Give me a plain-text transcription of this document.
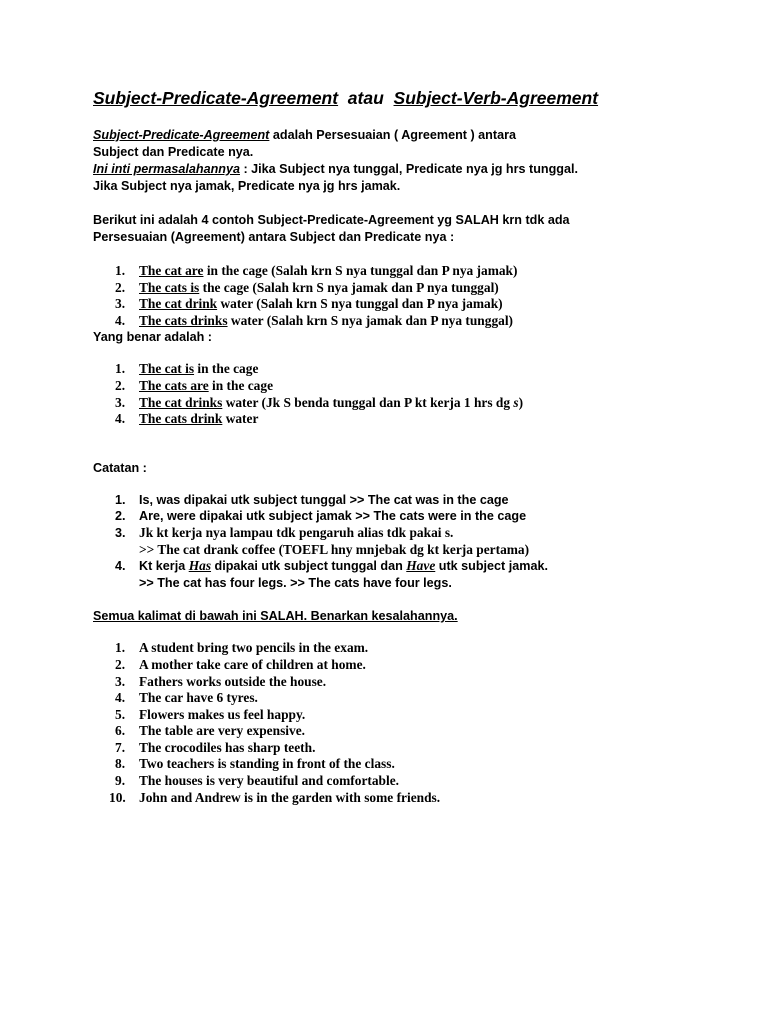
Subject-Predicate-Agreement  atau  Subject-Verb-Agreement

Subject-Predicate-Agreement adalah Persesuaian ( Agreement ) antara

Subject dan Predicate nya.

Ini inti permasalahannya : Jika Subject nya tunggal, Predicate nya jg hrs tunggal.

Jika Subject nya jamak, Predicate nya jg hrs jamak.

Berikut ini adalah 4 contoh Subject-Predicate-Agreement yg SALAH krn tdk ada

Persesuaian (Agreement) antara Subject dan Predicate nya :

1. The cat are in the cage (Salah krn S nya tunggal dan P nya jamak)
2. The cats is the cage (Salah krn S nya jamak dan P nya tunggal)
3. The cat drink water (Salah krn S nya tunggal dan P nya jamak)
4. The cats drinks water (Salah krn S nya jamak dan P nya tunggal)

Yang benar adalah :

1. The cat is in the cage
2. The cats are in the cage
3. The cat drinks water (Jk S benda tunggal dan P kt kerja 1 hrs dg s)
4. The cats drink water

Catatan :

1. Is, was dipakai utk subject tunggal >> The cat was in the cage
2. Are, were dipakai utk subject jamak >> The cats were in the cage
3. Jk kt kerja nya lampau tdk pengaruh alias tdk pakai s.
>> The cat drank coffee (TOEFL hny mnjebak dg kt kerja pertama)
4. Kt kerja Has dipakai utk subject tunggal dan Have utk subject jamak.
>> The cat has four legs. >> The cats have four legs.

Semua kalimat di bawah ini SALAH. Benarkan kesalahannya.

1. A student bring two pencils in the exam.
2. A mother take care of children at home.
3. Fathers works outside the house.
4. The car have 6 tyres.
5. Flowers makes us feel happy.
6. The table are very expensive.
7. The crocodiles has sharp teeth.
8. Two teachers is standing in front of the class.
9. The houses is very beautiful and comfortable.
10. John and Andrew is in the garden with some friends.
